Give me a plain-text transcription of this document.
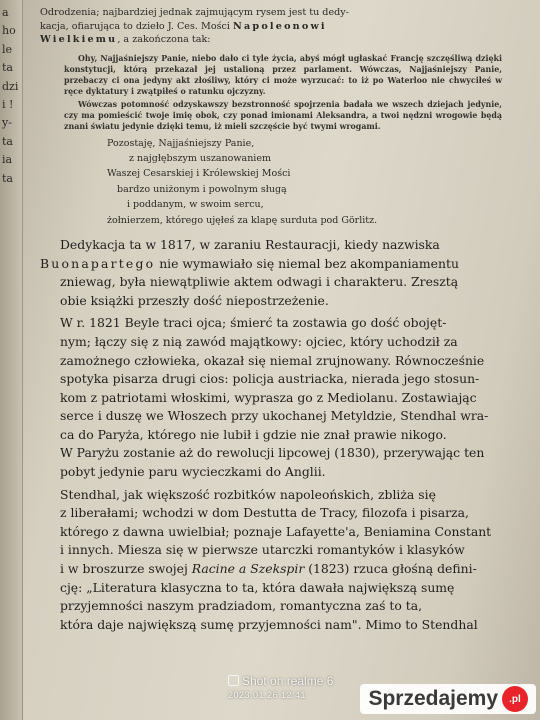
a
ho
le
ta
dzi
i !
y-
ta
ia
ta
Odrodzenia; najbardziej jednak zajmującym rysem jest tu dedy-
kacja, ofiarująca to dzieło J. Ces. Mości Napoleonowi
Wielkiemu, a zakończona tak:
Ohy, Najjaśniejszy Panie, niebo dało ci tyle życia, abyś mógł ugłaskać Francję szczęśliwą dzięki konstytucji, którą przekazał jej ustalioną przez parlament. Wówczas, Najjaśniejszy Panie, przebaczy ci ona jedyny akt złośliwy, który ci może wyrzucać: to iż po Waterloo nie chwyciłeś w ręce dyktatury i zwątpiłeś o ratunku ojczyzny.
Wówczas potomność odzyskawszy bezstronność spojrzenia badała we wszech dziejach jedynie, czy ma pomieścić twoje imię obok, czy ponad imionami Aleksandra, a twoi nędzni wrogowie będą znani światu jedynie dzięki temu, iż mieli szczęście być twymi wrogami.
Pozostaję, Najjaśniejszy Panie,
z najgłębszym uszanowaniem
Waszej Cesarskiej i Królewskiej Mości
bardzo uniżonym i powolnym sługą
i poddanym, w swoim sercu,
żołnierzem, którego ujęłeś za klapę surduta pod Görlitz.

Dedykacja ta w 1817, w zaraniu Restauracji, kiedy nazwiska
Buonapartego nie wymawiało się niemal bez akompaniamentu
zniewag, była niewątpliwie aktem odwagi i charakteru. Zresztą
obie książki przeszły dość niepostrzeżenie.

W r. 1821 Beyle traci ojca; śmierć ta zostawia go dość obojęt-
nym; łączy się z nią zawód majątkowy: ojciec, który uchodził za
zamożnego człowieka, okazał się niemal zrujnowany. Równocześnie
spotyka pisarza drugi cios: policja austriacka, nierada jego stosun-
kom z patriotami włoskimi, wyprasza go z Mediolanu. Zostawiając
serce i duszę we Włoszech przy ukochanej Metyldzie, Stendhal wra-
ca do Paryża, którego nie lubił i gdzie nie znał prawie nikogo.
W Paryżu zostanie aż do rewolucji lipcowej (1830), przerywając ten
pobyt jedynie paru wycieczkami do Anglii.

Stendhal, jak większość rozbitków napoleońskich, zbliża się
z liberałami; wchodzi w dom Destutta de Tracy, filozofa i pisarza,
którego z dawna uwielbiał; poznaje Lafayette'a, Beniamina Constant
i innych. Miesza się w pierwsze utarczki romantyków i klasyków
i w broszurze swojej Racine a Szekspir (1823) rzuca głośną defini-
cję: „Literatura klasyczna to ta, która dawała największą sumę
przyjemności naszym pradziadom, romantyczna zaś to ta,
która daje największą sumę przyjemności nam". Mimo to Stendhal

Shot on realme 6
2023.01.26 12:41	Sprzedajemy .pl
